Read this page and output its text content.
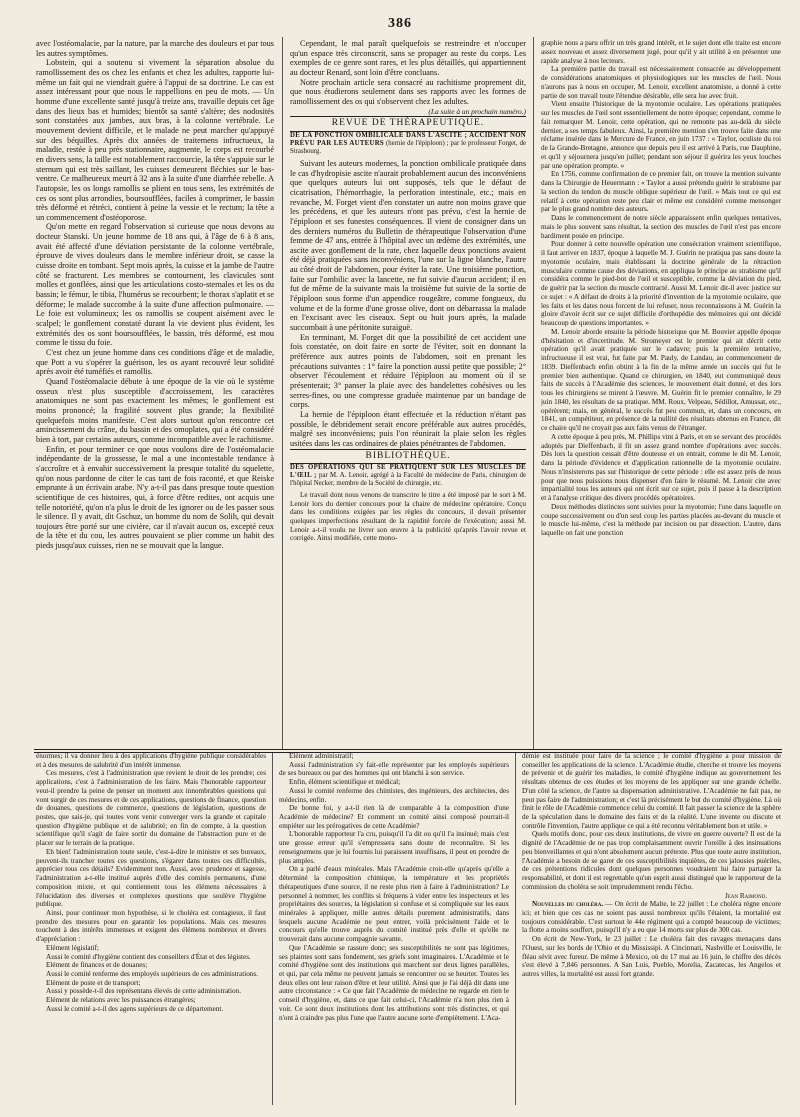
386

avec l'ostéomalacie, par la nature, par la marche des douleurs et par tous les autres symptômes.

Lobstein, qui a soutenu si vivement la séparation absolue du ramollissement des os chez les enfants et chez les adultes, rapporte lui-même un fait qui ne viendrait guère à l'appui de sa doctrine. Le cas est assez intéressant pour que nous le rappellions en peu de mots. — Un homme d'une excellente santé jusqu'à treize ans, travaille depuis cet âge dans des lieux bas et humides; bientôt sa santé s'altère; des nodosités sont constatées aux jambes, aux bras, à la colonne vertébrale. Le mouvement devient difficile, et le malade ne peut marcher qu'appuyé sur des béquilles. Après dix années de traitemens infructueux, la maladie, restée à peu près stationnaire, augmente, le corps est recourbé en divers sens, la taille est notablement raccourcie, la tête s'appuie sur le sternum qui est très saillant, les cuisses demeurent fléchies sur le bas-ventre. Ce malheureux meurt à 32 ans à la suite d'une diarrhée rebelle. A l'autopsie, les os longs ramollis se plient en tous sens, les extrémités de ces os sont plus arrondies, boursoufflées, faciles à comprimer, le bassin très déformé et rétréci, contient à peine la vessie et le rectum; la tête a un commencement d'ostéoporose.

Qu'on mette en regard l'observation si curieuse que nous devons au docteur Stanski. Un jeune homme de 18 ans qui, à l'âge de 6 à 8 ans, avait été affecté d'une déviation persistante de la colonne vertébrale, éprouve de vives douleurs dans le membre inférieur droit, se casse la cuisse droite en tombant. Sept mois après, la cuisse et la jambe de l'autre côté se fracturent. Les membres se contournent, les clavicules sont molles et gonflées, ainsi que les articulations costo-sternales et les os du bassin; le fémur, le tibia, l'humérus se recourbent; le thorax s'aplatit et se déforme; le malade succombe à la suite d'une affection pulmonaire. — Le foie est volumineux; les os ramollis se coupent aisément avec le scalpel; le gonflement constaté durant la vie devient plus évident, les extrémités des os sont boursoufflées, le bassin, très déformé, est mou comme le tissu du foie.

C'est chez un jeune homme dans ces conditions d'âge et de maladie, que Pott a vu s'opérer la guérison, les os ayant recouvré leur solidité après avoir été tuméfiés et ramollis.

Quand l'ostéomalacie débute à une époque de la vie où le système osseux n'est plus susceptible d'accroissement, les caractères anatomiques ne sont pas exactement les mêmes; le gonflement est moins prononcé; la fragilité souvent plus grande; la flexibilité quelquefois moins manifeste. C'est alors surtout qu'on rencontre cet amincissement du crâne, du bassin et des omoplates, qui a été considéré bien à tort, par certains auteurs, comme incompatible avec le rachitisme.

Enfin, et pour terminer ce que nous voulons dire de l'ostéomalacie indépendante de la grossesse, le mal a une incontestable tendance à s'accroître et à envahir successivement la presque totalité du squelette, qu'on nous pardonne de citer le cas tant de fois raconté, et que Reiske emprunte à un écrivain arabe. N'y a-t-il pas dans presque toute question scientifique de ces histoires, qui, à force d'être redites, ont acquis une telle notoriété, qu'on n'a plus le droit de les ignorer ou de les passer sous le silence. Il y avait, dit Gschuz, un homme du nom de Solih, qui devait toujours être porté sur une civière, car il n'avait aucun os, excepté ceux de la tête et du cou, les autres pouvaient se plier comme un habit des pieds jusqu'aux cuisses, rien ne se mouvait que la langue.

Cependant, le mal paraît quelquefois se restreindre et n'occuper qu'un espace très circonscrit, sans se propager au reste du corps. Les exemples de ce genre sont rares, et les plus détaillés, qui appartiennent au docteur Renard, sont loin d'être concluans.

Notre prochain article sera consacré au rachitisme proprement dit, que nous étudierons seulement dans ses rapports avec les formes de ramollissement des os qui s'observent chez les adultes.

(La suite à un prochain numéro.)

REVUE DE THÉRAPEUTIQUE.

DE LA PONCTION OMBILICALE DANS L'ASCITE ; ACCIDENT NON PRÉVU PAR LES AUTEURS (hernie de l'épiploon) ; par le professeur Forget, de Strasbourg.

Suivant les auteurs modernes, la ponction ombilicale pratiquée dans le cas d'hydropisie ascite n'aurait probablement aucun des inconvéniens que quelques auteurs lui ont supposés, tels que le défaut de cicatrisation, l'hémorrhagie, la perforation intestinale, etc.; mais en revanche, M. Forget vient d'en constater un autre non moins grave que les précédens, et que les auteurs n'ont pas prévu, c'est la hernie de l'épiploon et ses funestes conséquences. Il vient de consigner dans un des derniers numéros du Bulletin de thérapeutique l'observation d'une femme de 47 ans, entrée à l'hôpital avec un œdème des extrémités, une ascite avec gonflement de la rate, chez laquelle deux ponctions avaient été déjà pratiquées sans inconvéniens, l'une sur la ligne blanche, l'autre au côté droit de l'abdomen, pour éviter la rate. Une troisième ponction, faite sur l'ombilic avec la lancette, ne fut suivie d'aucun accident; il en fut de même de la suivante mais la troisième fut suivie de la sortie de l'épiploon sous forme d'un appendice rougeâtre, comme fongueux, du volume et de la forme d'une grosse olive, dont on débarrassa la malade en l'excisant avec les ciseaux. Sept ou huit jours après, la malade succombait à une péritonite suraiguë.

En terminant, M. Forget dit que la possibilité de cet accident une fois constatée, on doit faire en sorte de l'éviter, soit en donnant la préférence aux autres points de l'abdomen, soit en prenant les précautions suivantes : 1° faire la ponction aussi petite que possible; 2° observer l'écoulement et réduire l'épiploon au moment où il se présenterait; 3° panser la plaie avec des bandelettes cohésives ou les serres-fines, ou une compresse graduée maintenue par un bandage de corps.

La hernie de l'épiploon étant effectuée et la réduction n'étant pas possible, le débridement serait encore préférable aux autres procédés, malgré ses inconvéniens; puis l'on réunirait la plaie selon les règles usitées dans les cas ordinaires de plaies pénétrantes de l'abdomen.

BIBLIOTHÈQUE.

DES OPÉRATIONS QUI SE PRATIQUENT SUR LES MUSCLES DE L'ŒIL ; par M. A. Lenoir, agrégé à la Faculté de médecine de Paris, chirurgien de l'hôpital Necker, membre de la Société de chirurgie, etc.

Le travail dont nous venons de transcrire le titre a été imposé par le sort à M. Lenoir lors du dernier concours pour la chaire de médecine opératoire. Conçu dans les conditions exigées par les règles du concours, il devait présenter quelques imperfections résultant de la rapidité forcée de l'exécution; aussi M. Lenoir a-t-il voulu ne livrer son œuvre à la publicité qu'après l'avoir revue et corrigée. Ainsi modifiée, cette mono-

graphie nous a paru offrir un très grand intérêt, et le sujet dont elle traite est encore assez nouveau et assez diversement jugé, pour qu'il y ait utilité à en présenter une rapide analyse à nos lecteurs.

La première partie du travail est nécessairement consacrée au développement de considérations anatomiques et physiologiques sur les muscles de l'œil. Nous n'aurons pas à nous en occuper, M. Lenoir, excellent anatomiste, a donné à cette partie de son travail toute l'étendue désirable, elle sera lue avec fruit.

Vient ensuite l'historique de la myotomie oculaire. Les opérations pratiquées sur les muscles de l'œil sont essentiellement de notre époque; cependant, comme le fait remarquer M. Lenoir, cette opération, qui ne remonte pas au-delà du siècle dernier, a ses temps fabuleux. Ainsi, la première mention s'en trouve faite dans une réclame insérée dans le Mercure de France, en juin 1737 : « Taylor, oculiste du roi de la Grande-Bretagne, annonce que depuis peu il est arrivé à Paris, rue Dauphine, et qu'il y séjournera jusqu'en juillet; pendant son séjour il guérira les yeux louches par une opération prompte. »

En 1756, comme confirmation de ce premier fait, on trouve la mention suivante dans la Chirurgie de Heuermann : « Taylor a aussi prétendu guérir le strabisme par la section du tendon du muscle oblique supérieur de l'œil. » Mais tout ce qui est relatif à cette opération reste peu clair et même est considéré comme mensonger par le plus grand nombre des auteurs.

Dans le commencement de notre siècle apparaissent enfin quelques tentatives, mais le plus souvent sans résultat, la section des muscles de l'œil n'est pas encore hardiment posée en principe.

Pour donner à cette nouvelle opération une consécration vraiment scientifique, il faut arriver en 1837, époque à laquelle M. J. Guérin ne pratiqua pas sans doute la myotomie oculaire, mais établissant la doctrine générale de la rétraction musculaire comme cause des déviations, en appliqua le principe au strabisme qu'il considéra comme le pied-bot de l'œil et susceptible, comme la déviation du pied, de guérir par la section du muscle contracté. Aussi M. Lenoir dit-il avec justice sur ce sujet : « A défaut de droits à la priorité d'invention de la myotomie oculaire, que les faits et les dates nous forcent de lui refuser, nous reconnaissons à M. Guérin la gloire d'avoir écrit sur ce sujet difficile d'orthopédie des mémoires qui ont décidé beaucoup de questions importantes. »

M. Lenoir aborde ensuite la période historique que M. Bouvier appelle époque d'hésitation et d'incertitude. M. Stromeyer est le premier qui ait décrit cette opération qu'il avait pratiquée sur le cadavre; puis la première tentative, infructueuse il est vrai, fut faite par M. Pauly, de Landau, au commencement de 1839. Dieffenbach enfin obtint à la fin de la même année un succès qui fut le premier bien authentique. Quand ce chirurgien, en 1840, eut communiqué deux faits de succès à l'Académie des sciences, le mouvement était donné, et des lors tous les chirurgiens se mirent à l'œuvre. M. Guérin fit le premier connaître, le 29 juin 1840, les résultats de sa pratique. MM. Roux, Velpeau, Sédillot, Amussat, etc., opérèrent; mais, en général, le succès fut peu commun, et, dans un concours, en 1841, un compétiteur, en présence de la nullité des résultats obtenus en France, dit ce chaire qu'il ne croyait pas aux faits venus de l'étranger.

A cette époque à peu près, M. Phillips vint à Paris, et en se servant des procédés adoptés par Dieffenbach, il fit un assez grand nombre d'opérations avec succès. Dès lors la question cessait d'être douteuse et on entrait, comme le dit M. Lenoir, dans la période d'évidence et d'application rationnelle de la myotomie oculaire. Nous n'insisterons pas sur l'historique de cette période : elle est assez près de nous pour que nous puissions nous dispenser d'en faire le résumé. M. Lenoir cite avec impartialité tous les auteurs qui ont écrit sur ce sujet, puis il passe à la description et à l'analyse critique des divers procédés opératoires.

Deux méthodes distinctes sont suivies pour la myotomie; l'une dans laquelle on coupe successivement ou d'un seul coup les parties placées au-devant du muscle et le muscle lui-même, c'est la méthode par incision ou par dissection. L'autre, dans laquelle on fait une ponction

énormes; il va donner lieu à des applications d'hygiène publique considérables et à des mesures de salubrité d'un intérêt immense.

Ces mesures, c'est à l'administration que revient le droit de les prendre; ces applications, c'est à l'administration de les faire. Mais l'honorable rapporteur veut-il prendre la peine de penser un moment aux innombrables questions qui vont surgir de ces mesures et de ces applications, questions de finance, question de douanes, questions de commerce, questions de législation, questions de postes, que sais-je, qui toutes vont venir converger vers la grande et capitale question d'hygiène publique et de salubrité; en fin de compte, à la question scientifique qu'il s'agit de faire sortir du domaine de l'abstraction pure et de placer sur le terrain de la pratique.

Eh bien! l'administration toute seule, c'est-à-dire le ministre et ses bureaux, peuvent-ils trancher toutes ces questions, s'égarer dans toutes ces difficultés, apprécier tous ces détails? Evidemment non. Aussi, avec prudence et sagesse, l'administration a-t-elle institué auprès d'elle des comités permanens, d'une composition mixte, et qui contiennent tous les élémens nécessaires à l'élucidation des diverses et complexes questions que soulève l'hygiène publique.

Ainsi, pour continuer mon hypothèse, si le choléra est contagieux, il faut prendre des mesures pour en garantir les populations. Mais ces mesures touchent à des intérêts immenses et exigent des élémens nombreux et divers d'appréciation :

Elément législatif;

Aussi le comité d'hygiène contient des conseillers d'État et des légistes.

Elément de finances et de douanes;

Aussi le comité renferme des employés supérieurs de ces administrations.

Elément de poste et de transport;

Aussi y possède-t-il des représentans élevés de cette administration.

Elément de relations avec les puissances étrangères;

Aussi le comité a-t-il des agens supérieurs de ce département.

Elément administratif;

Aussi l'administration s'y fait-elle représenter par les employés supérieurs de ses bureaux ou par des hommes qui ont blanchi à son service.

Enfin, élément scientifique et médical;

Aussi le comité renferme des chimistes, des ingénieurs, des architectes, des médecins, enfin.

De bonne foi, y a-t-il rien là de comparable à la composition d'une Académie de médecine? Et comment un comité ainsi composé pourrait-il empiéter sur les prérogatives de cette Académie?

L'honorable rapporteur l'a cru, puisqu'il l'a dit ou qu'il l'a insinué; mais c'est une grosse erreur qu'il s'empressera sans doute de reconnaître. Si les renseignemens que je lui fournis lui paraissent insuffisans, il peut en prendre de plus amples.

On a parlé d'eaux minérales. Mais l'Académie croit-elle qu'après qu'elle a déterminé la composition chimique, la température et les propriétés thérapeutiques d'une source, il ne reste plus rien à faire à l'administration? Le personnel à nommer, les conflits si fréquens à vider entre les inspecteurs et les propriétaires des sources, la législation si confuse et si compliquée sur les eaux minérales à appliquer, mille autres détails purement administratifs, dans lesquels aucune Académie ne peut entrer, voilà précisément l'aide et le concours qu'elle trouve auprès du comité institué près d'elle et qu'elle ne trouverait dans aucune compagnie savante.

Que l'Académie se rassure donc; ses susceptibilités ne sont pas légitimes, ses plaintes sont sans fondement, ses griefs sont imaginaires. L'Académie et le comité d'hygiène sont des institutions qui marchent sur deux lignes parallèles, et qui, par cela même ne peuvent jamais se rencontrer ou se heurter. Toutes les deux elles ont leur raison d'être et leur utilité. Ainsi que je l'ai déjà dit dans une autre circonstance : « Ce que fait l'Académie de médecine ne regarde en rien le conseil d'hygiène, et, dans ce que fait celui-ci, l'Académie n'a non plus rien à voir. Ce sont deux institutions dont les attributions sont très distinctes, et qui n'ont à craindre pas plus l'une que l'autre aucune sorte d'empiètement. L'Aca-

démie est instituée pour faire de la science ; le comité d'hygiène a pour mission de conseiller les applications de la science. L'Académie étudie, cherche et trouve les moyens de prévenir et de guérir les maladies, le comité d'hygiène indique au gouvernement les résultats obtenus de ces études et les moyens de les appliquer sur une grande échelle. D'un côté la science, de l'autre sa dispensation administrative. L'Académie ne fait pas, ne peut pas faire de l'administration; et c'est là précisément le but du comité d'hygiène. Là où finit le rôle de l'Académie commence celui du comité. Il fait passer la science de la sphère de la spéculation dans le domaine des faits et de la réalité. L'une invente ou discute et contrôle l'invention, l'autre applique ce qui a été reconnu véritablement bon et utile. »

Quels motifs donc, pour ces deux institutions, de vivre en guerre ouverte? Il est de la dignité de l'Académie de ne pas trop complaisamment ouvrir l'oreille à des insinuations peu bienveillantes et qui n'ont absolument aucun prétexte. Plus que toute autre institution, l'Académie a besoin de se garer de ces susceptibilités inquiètes, de ces jalousies puériles, de ces prétentions ridicules dont quelques personnes voudraient lui faire partager la responsabilité, et dont il est regrettable qu'un esprit aussi distingué que le rapporteur de la commission du choléra se soit imprudemment rendu l'écho.

Jean Raimond.

Nouvelles du choléra. — On écrit de Malte, le 22 juillet : Le choléra règne encore ici; et bien que ces cas ne soient pas aussi nombreux qu'ils l'étaient, la mortalité est toujours considérable. C'est surtout le 44e régiment qui a compté beaucoup de victimes; la flotte a moins souffert, puisqu'il n'y a eu que 14 morts sur plus de 300 cas.

On écrit de New-York, le 23 juillet : Le choléra fait des ravages menaçans dans l'Ouest, sur les bords de l'Ohio et du Mississipi. A Cincinnati, Nashville et Louisville, le fléau sévit avec fureur. De même à Mexico, où du 17 mai au 16 juin, le chiffre des décès s'est élevé à 7,846 personnes. A San Luis, Pueblo, Morelia, Zacatecas, les Angelos et autres villes, la mortalité est aussi fort grande.
